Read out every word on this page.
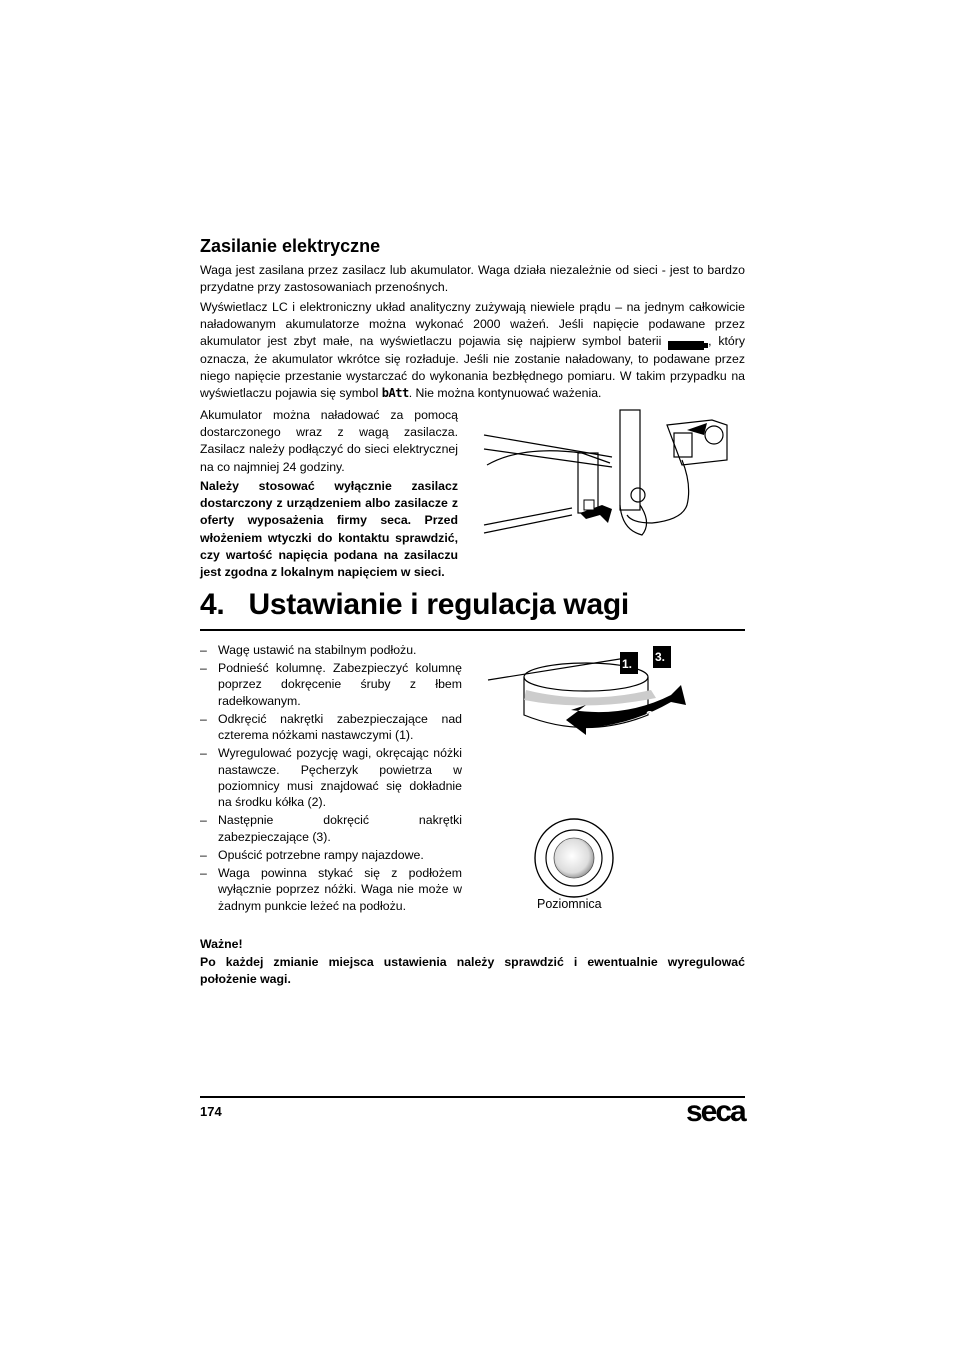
Zasilanie elektryczne
Waga jest zasilana przez zasilacz lub akumulator. Waga działa niezależnie od sieci - jest to bardzo przydatne przy zastosowaniach przenośnych.
Wyświetlacz LC i elektroniczny układ analityczny zużywają niewiele prądu – na jednym całkowicie naładowanym akumulatorze można wykonać 2000 ważeń. Jeśli napięcie podawane przez akumulator jest zbyt małe, na wyświetlaczu pojawia się najpierw symbol baterii	, który oznacza, że akumulator wkrótce się rozładuje. Jeśli nie zostanie naładowany, to podawane przez niego napięcie przestanie wystarczać do wykonania bezbłędnego pomiaru. W takim przypadku na wyświetlaczu pojawia się symbol bAtt. Nie można kontynuować ważenia.
Akumulator można naładować za pomocą dostarczonego wraz z wagą zasilacza. Zasilacz należy podłączyć do sieci elektrycznej na co najmniej 24 godziny.
Należy stosować wyłącznie zasilacz dostarczony z urządzeniem albo zasilacze z oferty wyposażenia firmy seca. Przed włożeniem wtyczki do kontaktu sprawdzić, czy wartość napięcia podana na zasilaczu jest zgodna z lokalnym napięciem w sieci.
4. Ustawianie i regulacja wagi
– Wagę ustawić na stabilnym podłożu.
– Podnieść kolumnę. Zabezpieczyć kolumnę poprzez dokręcenie śruby z łbem radełkowanym.
– Odkręcić nakrętki zabezpieczające nad czterema nóżkami nastawczymi (1).
– Wyregulować pozycję wagi, okręcając nóżki nastawcze. Pęcherzyk powietrza w poziomnicy musi znajdować się dokładnie na środku kółka (2).
– Następnie dokręcić nakrętki zabezpieczające (3).
– Opuścić potrzebne rampy najazdowe.
– Waga powinna stykać się z podłożem wyłącznie poprzez nóżki. Waga nie może w żadnym punkcie leżeć na podłożu.
2.
1. 3.
Poziomnica
Ważne!
Po każdej zmianie miejsca ustawienia należy sprawdzić i ewentualnie wyregulować położenie wagi.
174	seca
